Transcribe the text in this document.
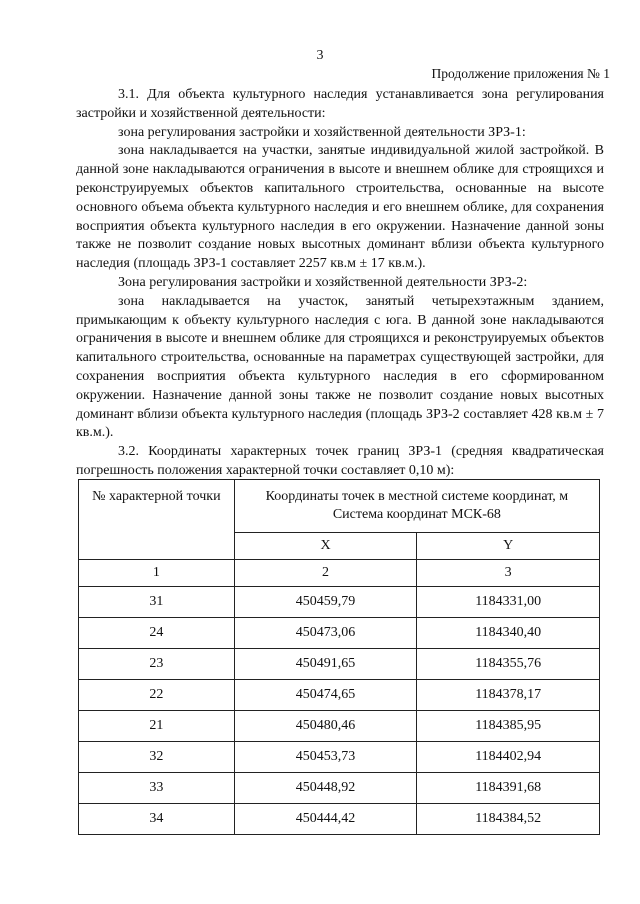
3
Продолжение приложения № 1

3.1. Для объекта культурного наследия устанавливается зона регулирования застройки и хозяйственной деятельности:

зона регулирования застройки и хозяйственной деятельности ЗРЗ-1:

зона накладывается на участки, занятые индивидуальной жилой застройкой. В данной зоне накладываются ограничения в высоте и внешнем облике для строящихся и реконструируемых объектов капитального строительства, основанные на высоте основного объема объекта культурного наследия и его внешнем облике, для сохранения восприятия объекта культурного наследия в его окружении. Назначение данной зоны также не позволит создание новых высотных доминант вблизи объекта культурного наследия (площадь ЗРЗ-1 составляет 2257 кв.м ± 17 кв.м.).

Зона регулирования застройки и хозяйственной деятельности ЗРЗ-2:

зона накладывается на участок, занятый четырехэтажным зданием, примыкающим к объекту культурного наследия с юга. В данной зоне накладываются ограничения в высоте и внешнем облике для строящихся и реконструируемых объектов капитального строительства, основанные на параметрах существующей застройки, для сохранения восприятия объекта культурного наследия в его сформированном окружении. Назначение данной зоны также не позволит создание новых высотных доминант вблизи объекта культурного наследия (площадь ЗРЗ-2 составляет 428 кв.м ± 7 кв.м.).

3.2. Координаты характерных точек границ ЗРЗ-1 (средняя квадратическая погрешность положения характерной точки составляет 0,10 м):

№ характерной точки	Координаты точек в местной системе координат, м
Система координат МСК-68	
	X	Y
1	2	3
31	450459,79	1184331,00
24	450473,06	1184340,40
23	450491,65	1184355,76
22	450474,65	1184378,17
21	450480,46	1184385,95
32	450453,73	1184402,94
33	450448,92	1184391,68
34	450444,42	1184384,52
